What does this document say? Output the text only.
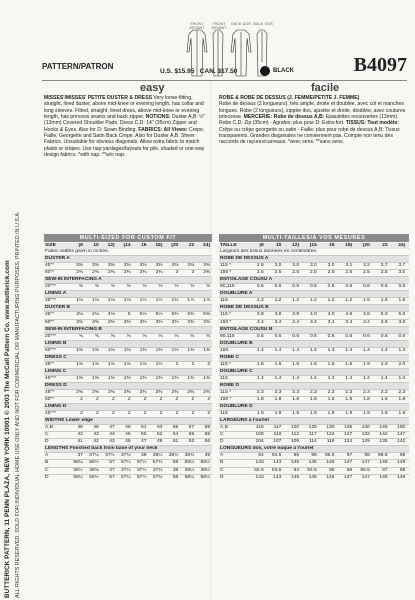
BUTTERICK PATTERN, 11 PENN PLAZA, NEW YORK 10001 © 2003 The McCall Pattern Co. www.butterick.com ALL RIGHTS RESERVED. SOLD FOR INDIVIDUAL HOME USE ONLY AND NOT FOR COMMERCIAL OR MANUFACTURING PURPOSES. PRINTED IN U.S.A.
PATTERN/PATRON
U.S. $15.95 CAN. $17.50	BLACK	B4097
FRONT DEVANT
FRONT DEVANT
BACK DOS BACK DOS
easy	facile
MISSES'/MISSES' PETITE DUSTER & DRESS Very loose-fitting, straight, lined duster, above mid-knee or evening length, has collar and long sleeves. Fitted, straight, lined dress, above mid-knee or evening length, has princess seams and back zipper. NOTIONS: Duster A,B: ½" (13mm) Covered Shoulder Pads. Dress C,D: 14" (35cm) Zipper and Hooks & Eyes. Also for D: Seam Binding. FABRICS: All Views: Crepe, Faille, Georgette and Satin Back Crepe. Also for Duster A,B: Sheer Fabrics. Unsuitable for obvious diagonals. Allow extra fabric to match plaids or stripes. Use nap yardages/layouts for pile, shaded or one-way design fabrics. *with nap. **w/o nap.
ROBE & ROBE DE DESSUS (J. FEMME/PETITE J. FEMME)
Robe de dessus (2 longueurs), très ample, droite et doublée, avec col et manches longues. Robe (2 longueurs), zippée dos, ajustée et droite, doublée, avec coutures princesse. MERCERIE: Robe de dessus A,B: Epaulettes recouvertes (13mm). Robe C,D: Zip (35cm) - Agrafes; plus pour D: Extra-fort. TISSUS: Tout modèle: Crêpe ou crêpe georgette ou satin - Faille; plus pour robe de dessus A,B: Tissus transparents. Grandes diagonales ne conviennent pas. Compte non tenu des raccords de rayures/carreaux. *avec sens. **sans sens.
MULTI-SIZED FOR CUSTOM FIT	MULTI-TAILLES/À VOS MESURES
SIZE	(8	10	12)	(14	16	18)	(20	22	24)
Fabric widths given in inches.
DUSTER A
45"*	3⅜	3⅜	3⅜	3⅜	3⅜	3⅜	3⅜	3⅜	3⅜
60"*	2⅜	2⅜	2⅜	2⅜	2⅜	2⅜	3	3	3⅜
SEW-IN INTERFACING A
20"**	⅝	⅝	⅝	⅝	⅝	⅝	⅝	⅝	⅝
LINING A
45"**	1⅛	1⅛	1⅛	1⅛	1⅛	1⅛	1¾	1⅞	1⅞
DUSTER B
45"*	4⅛	4⅛	4⅛	5	5⅛	5⅛	5⅜	5⅜	5⅜
60"*	3⅜	3⅜	3⅜	3⅜	3⅜	3⅜	3⅜	3⅜	3⅜
SEW-IN INTERFACING B
20"**	⅝	⅝	⅝	⅝	⅝	⅝	⅝	⅝	⅝
LINING B
60"**	1⅜	1⅜	1⅜	1⅜	1⅜	1⅜	1⅜	1⅜	1⅜
DRESS C
45"*	1⅝	1⅝	1⅝	1⅝	1⅝	1⅝	2	2	2
LINING C
45"**	1⅜	1⅜	1⅜	1⅜	1⅜	1⅜	1⅜	1⅜	1⅜
DRESS D
45"*	2⅜	2⅜	2⅜	2⅜	2⅜	2⅜	2⅜	2⅜	2⅜
60"*	2	2	2	2	2	2	2	2	2
LINING D
45"**	2	2	2	2	2	2	2	2	2
WIDTHS Lower edge
A,B	45	46	47	49	51	53	55	57	59
C	42	43	44	46	50	52	54	56	58
D	41	42	43	45	47	49	51	53	56
LENGTHS Finished back from base of your neck
A	37	37¼	37½	37¾	38	38¼	38½	38¾	39
B	56¼	56½	57	57¼	57½	57¾	58	58¼	58½
C	36½	36¾	37	37¼	37½	37¾	38	38¼	38½
D	56¼	56½	57	57¼	57½	57¾	58	58¼	58½
TAILLE	(8	10	12)	(14	16	18)	(20	22	24)
Largeurs des tissus données en centimètres.
ROBE DE DESSUS A
115 *	2.9	3.0	3.0	3.0	3.0	3.1	3.2	3.7	3.7
150 *	2.5	2.5	2.5	2.5	2.5	2.5	2.5	2.5	3.0
ENTOILAGE COUSU A
90,115	0.6	0.6	0.6	0.6	0.6	0.6	0.6	0.6	0.6
DOUBLURE A
115	1.2	1.2	1.2	1.2	1.2	1.2	1.6	1.6	1.6
ROBE DE DESSUS B
115 *	3.8	3.8	3.9	4.0	4.0	4.8	4.8	5.0	5.0
150 *	3.4	3.4	3.4	3.4	3.4	3.4	3.4	3.6	3.6
ENTOILAGE COUSU B
90,115	0.6	0.6	0.6	0.6	0.6	0.6	0.6	0.6	0.6
DOUBLURE B
150	1.4	1.4	1.4	1.4	1.4	1.4	1.4	1.4	1.4
ROBE C
115 *	1.6	1.6	1.6	1.6	1.6	1.6	1.9	2.0	2.0
DOUBLURE C
115	1.4	1.4	1.4	1.4	1.4	1.4	1.4	1.4	1.4
ROBE D
115 *	2.3	2.3	2.3	2.3	2.3	2.3	2.3	2.3	2.3
150 *	1.8	1.8	1.8	1.8	1.8	1.8	1.8	1.8	1.8
DOUBLURE D
115	1.9	1.9	1.9	1.9	1.9	1.9	1.9	1.9	1.9
LARGEURS à l'ourlet
A,B	115	117	120	125	130	135	140	145	150
C	108	110	112	117	122	127	132	142	147
D	104	107	109	114	119	124	129	135	142
LONGUEURS dos, votre nuque à l'ourlet
A	94	94.5	95	96	96.5	97	98	98.5	99
B	143	143	145	145	146	147	147	148	149
C	92.5	93.5	94	94.5	95	96	96.5	97	98
D	143	143	145	145	146	147	147	148	149
